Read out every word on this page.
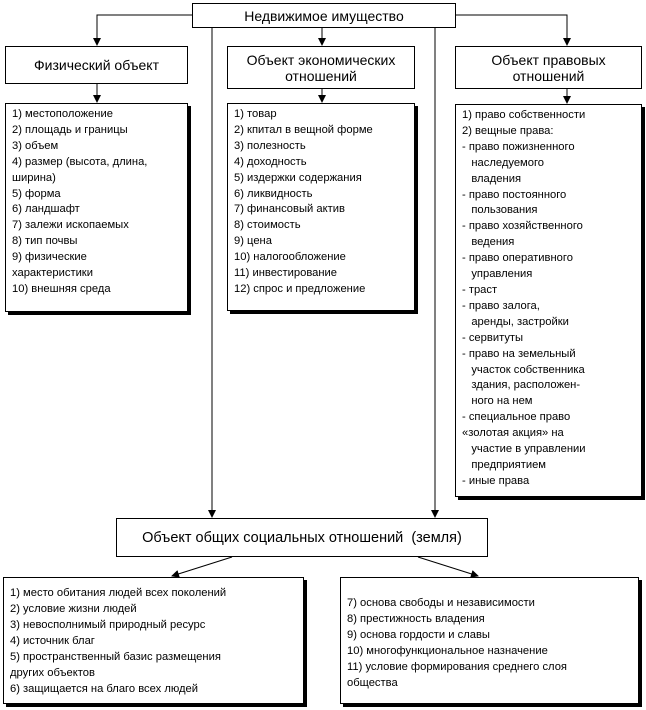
Недвижимое имущество
Физический объект	Объект экономических
отношений
Объект правовых
отношений
1) местоположение
2) площадь и границы
3) объем
4) размер (высота, длина,
ширина)
5) форма
6) ландшафт
7) залежи ископаемых
8) тип почвы
9) физические
характеристики
10) внешняя среда
1) товар
2) кпитал в вещной форме
3) полезность
4) доходность
5) издержки содержания
6) ликвидность
7) финансовый актив
8) стоимость
9) цена
10) налогообложение
11) инвестирование
12) спрос и предложение
1) право собственности
2) вещные права:
- право пожизненного
наследуемого
владения
- право постоянного
пользования
- право хозяйственного
ведения
- право оперативного
управления
- траст
- право залога,
аренды, застройки
- сервитуты
- право на земельный
участок собственника
здания, расположен-
ного на нем
- специальное право
«золотая акция» на
участие в управлении
предприятием
- иные права
Объект общих социальных отношений  (земля)
1) место обитания людей всех поколений
2) условие жизни людей
3) невосполнимый природный ресурс
4) источник благ
5) пространственный базис размещения
других объектов
6) защищается на благо всех людей
7) основа свободы и независимости
8) престижность владения
9) основа гордости и славы
10) многофункциональное назначение
11) условие формирования среднего слоя
общества
